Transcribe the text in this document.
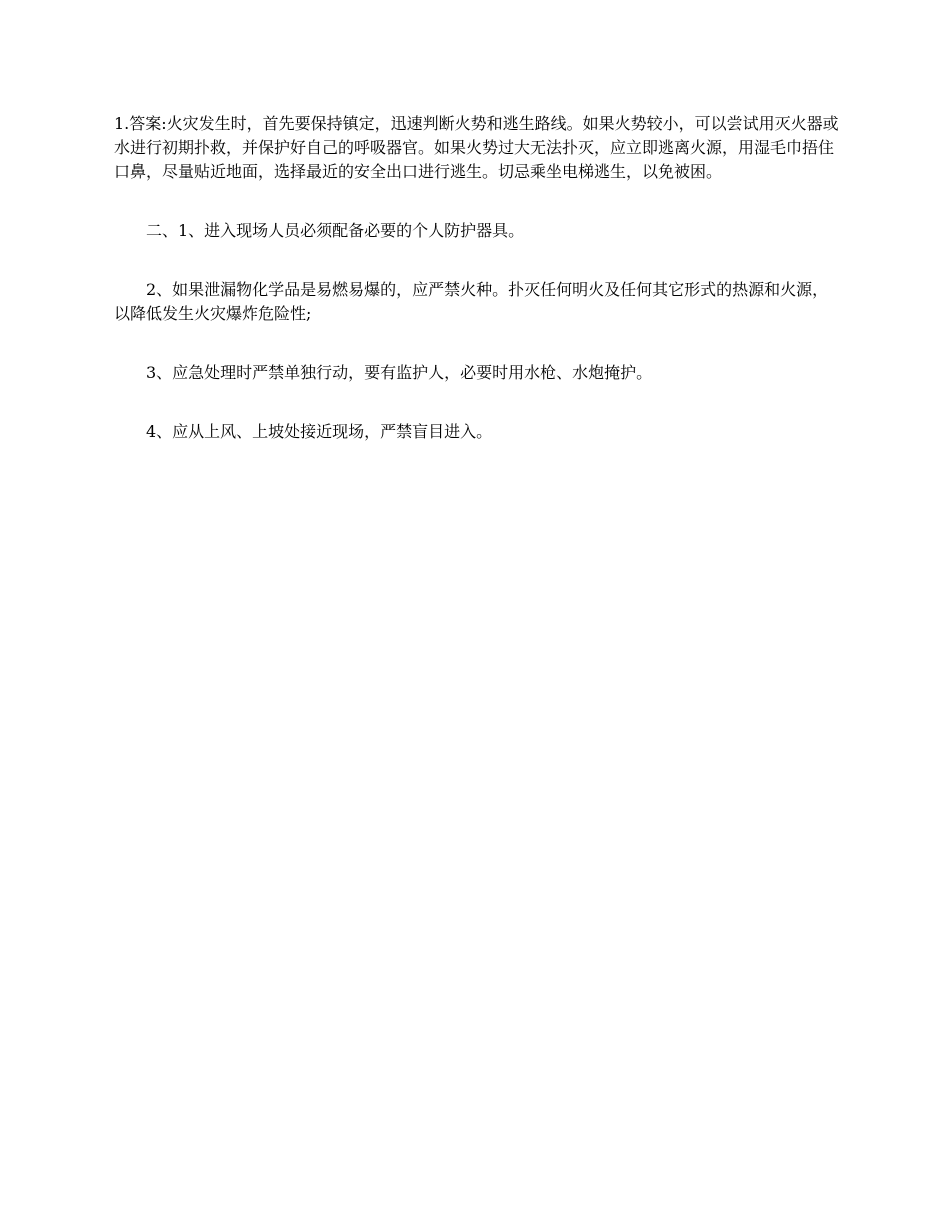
1.答案:火灾发生时，首先要保持镇定，迅速判断火势和逃生路线。如果火势较小，可以尝试用灭火器或水进行初期扑救，并保护好自己的呼吸器官。如果火势过大无法扑灭，应立即逃离火源，用湿毛巾捂住口鼻，尽量贴近地面，选择最近的安全出口进行逃生。切忌乘坐电梯逃生，以免被困。

二、1、进入现场人员必须配备必要的个人防护器具。

2、如果泄漏物化学品是易燃易爆的，应严禁火种。扑灭任何明火及任何其它形式的热源和火源，以降低发生火灾爆炸危险性;

3、应急处理时严禁单独行动，要有监护人，必要时用水枪、水炮掩护。

4、应从上风、上坡处接近现场，严禁盲目进入。
